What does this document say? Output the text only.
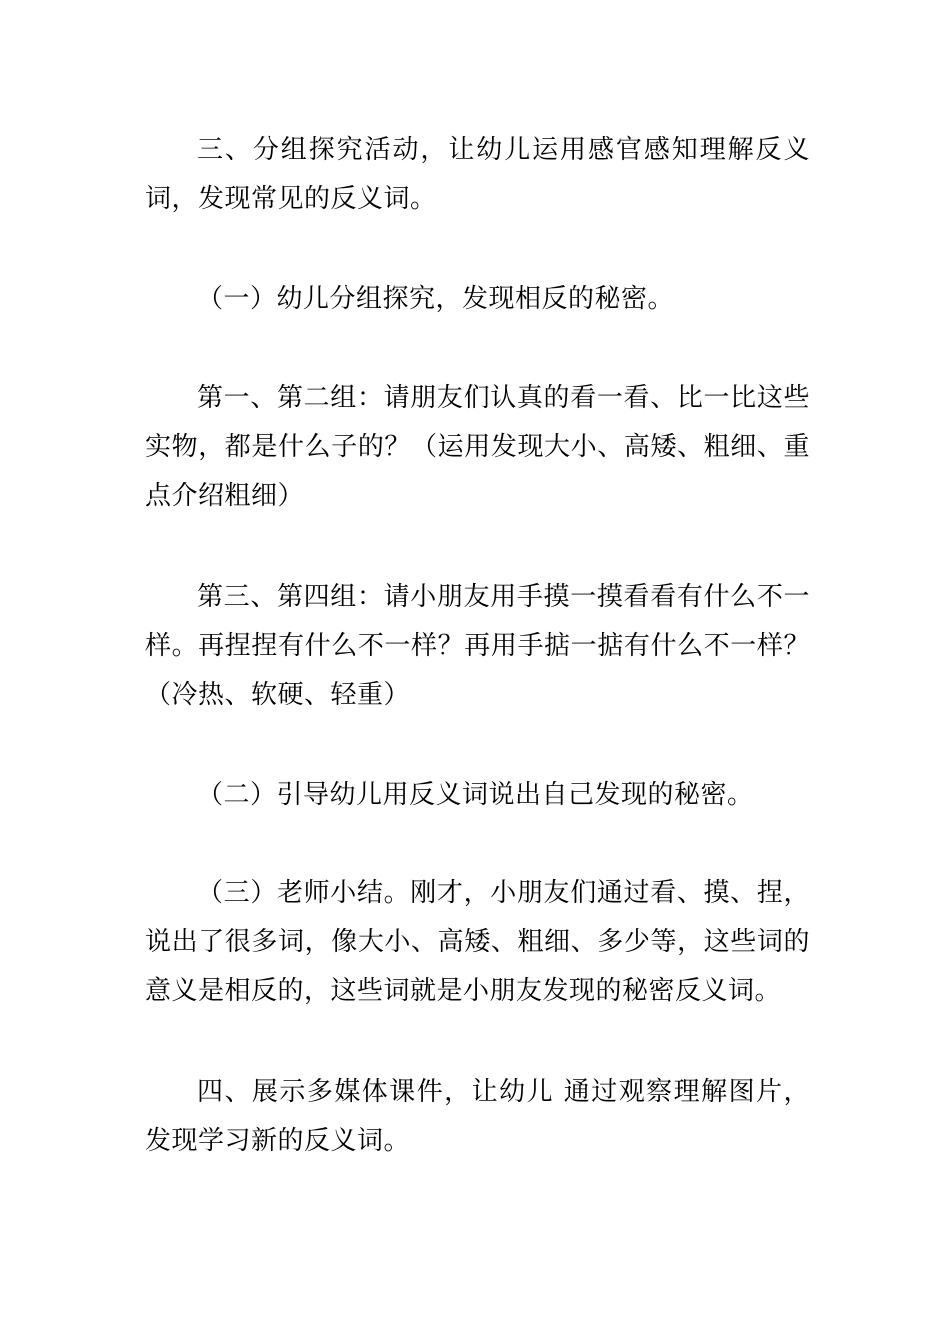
三、分组探究活动，让幼儿运用感官感知理解反义词，发现常见的反义词。

（一）幼儿分组探究，发现相反的秘密。

第一、第二组：请朋友们认真的看一看、比一比这些实物，都是什么子的？（运用发现大小、高矮、粗细、重点介绍粗细）

第三、第四组：请小朋友用手摸一摸看看有什么不一样。再捏捏有什么不一样？再用手掂一掂有什么不一样？（冷热、软硬、轻重）

（二）引导幼儿用反义词说出自己发现的秘密。

（三）老师小结。刚才，小朋友们通过看、摸、捏，说出了很多词，像大小、高矮、粗细、多少等，这些词的意义是相反的，这些词就是小朋友发现的秘密反义词。

四、展示多媒体课件，让幼儿 通过观察理解图片，发现学习新的反义词。
